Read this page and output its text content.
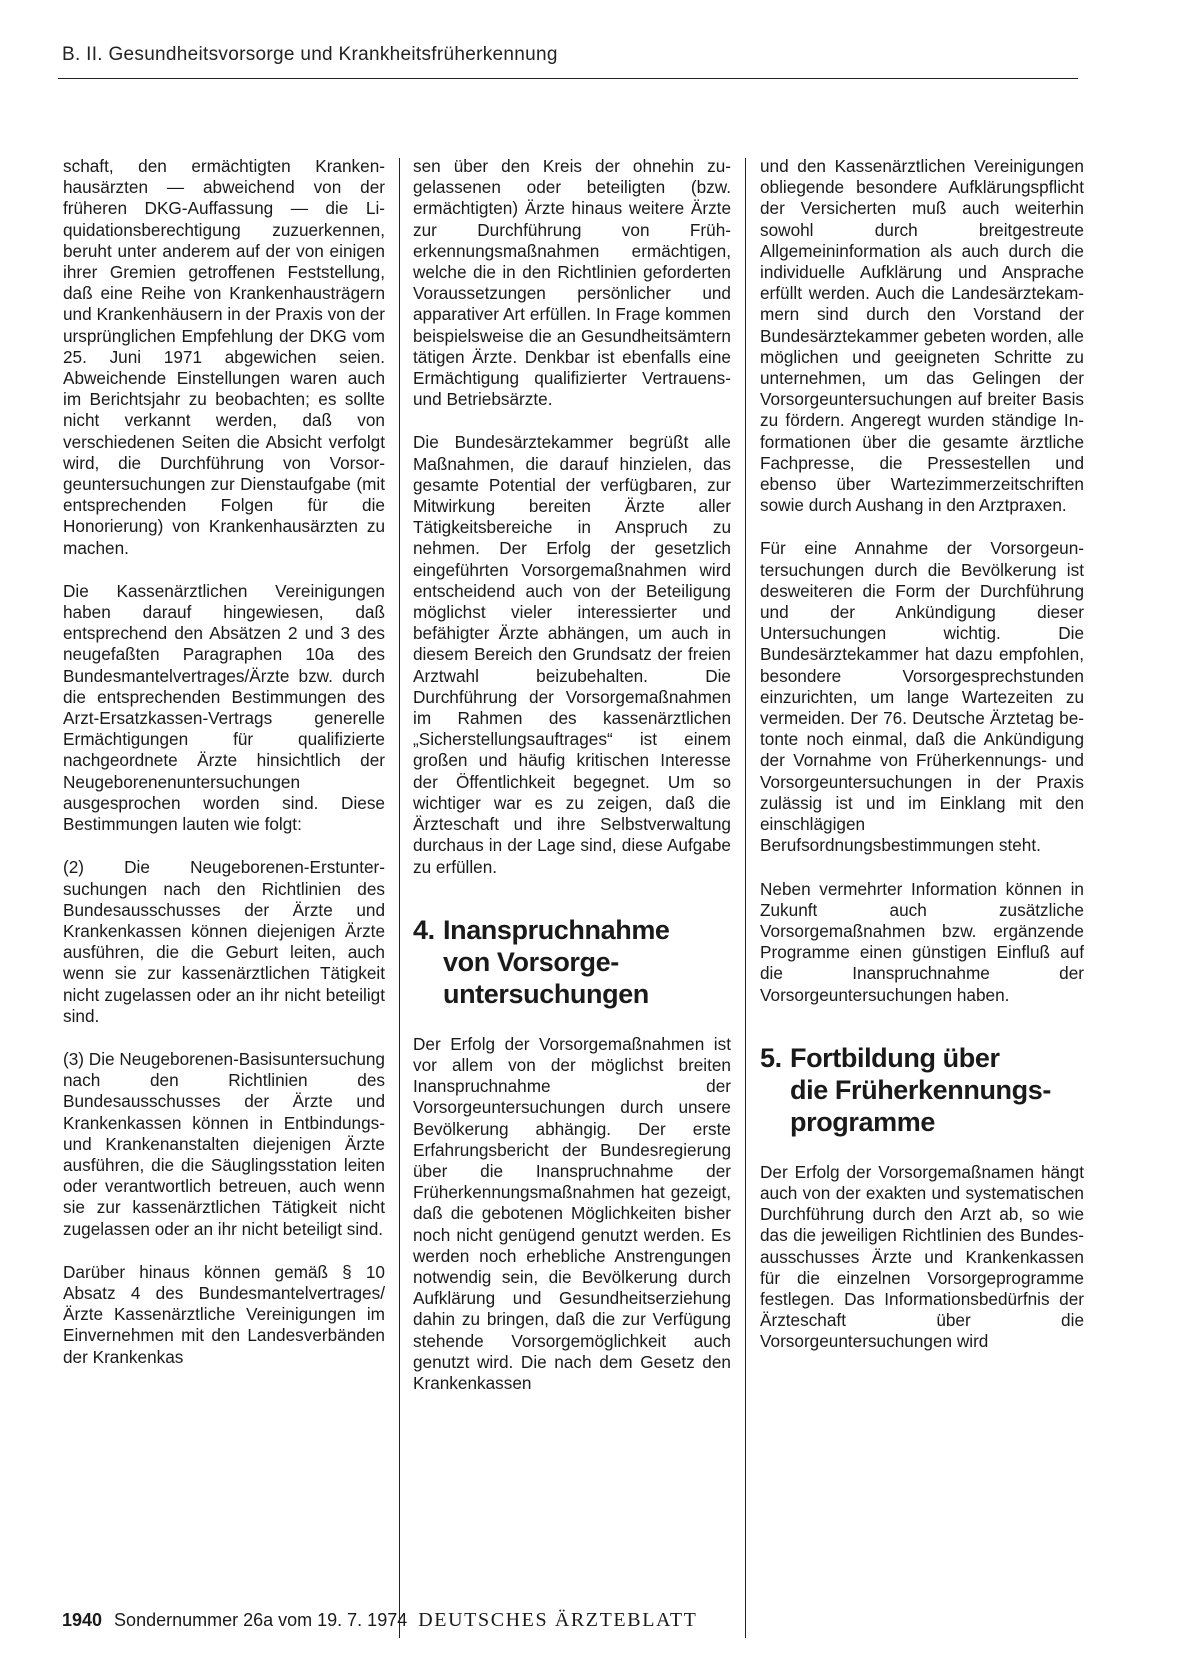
B. II. Gesundheitsvorsorge und Krankheitsfrüherkennung

schaft, den ermächtigten Krankenhausärzten — abweichend von der früheren DKG-Auffassung — die Liquidationsberechtigung zuzuerkennen, beruht unter anderem auf der von einigen ihrer Gremien getroffenen Feststellung, daß eine Reihe von Krankenhausträgern und Krankenhäusern in der Praxis von der ursprünglichen Empfehlung der DKG vom 25. Juni 1971 abgewichen seien. Abweichende Einstellungen waren auch im Berichtsjahr zu beobachten; es sollte nicht verkannt werden, daß von verschiedenen Seiten die Absicht verfolgt wird, die Durchführung von Vorsorgeuntersuchungen zur Dienstaufgabe (mit entsprechenden Folgen für die Honorierung) von Krankenhausärzten zu machen.

Die Kassenärztlichen Vereinigungen haben darauf hingewiesen, daß entsprechend den Absätzen 2 und 3 des neugefaßten Paragraphen 10a des Bundesmantelvertrages/Ärzte bzw. durch die entsprechenden Bestimmungen des Arzt-Ersatzkassen-Vertrags generelle Ermächtigungen für qualifizierte nachgeordnete Ärzte hinsichtlich der Neugeborenenuntersuchungen ausgesprochen worden sind. Diese Bestimmungen lauten wie folgt:

(2) Die Neugeborenen-Erstuntersuchungen nach den Richtlinien des Bundesausschusses der Ärzte und Krankenkassen können diejenigen Ärzte ausführen, die die Geburt leiten, auch wenn sie zur kassenärztlichen Tätigkeit nicht zugelassen oder an ihr nicht beteiligt sind.

(3) Die Neugeborenen-Basisuntersuchung nach den Richtlinien des Bundesausschusses der Ärzte und Krankenkassen können in Entbindungs- und Krankenanstalten diejenigen Ärzte ausführen, die die Säuglingsstation leiten oder verantwortlich betreuen, auch wenn sie zur kassenärztlichen Tätigkeit nicht zugelassen oder an ihr nicht beteiligt sind.

Darüber hinaus können gemäß § 10 Absatz 4 des Bundesmantelvertrages/Ärzte Kassenärztliche Vereinigungen im Einvernehmen mit den Landesverbänden der Krankenkas

sen über den Kreis der ohnehin zugelassenen oder beteiligten (bzw. ermächtigten) Ärzte hinaus weitere Ärzte zur Durchführung von Früherkennungsmaßnahmen ermächtigen, welche die in den Richtlinien geforderten Voraussetzungen persönlicher und apparativer Art erfüllen. In Frage kommen beispielsweise die an Gesundheitsämtern tätigen Ärzte. Denkbar ist ebenfalls eine Ermächtigung qualifizierter Vertrauens- und Betriebsärzte.

Die Bundesärztekammer begrüßt alle Maßnahmen, die darauf hinzielen, das gesamte Potential der verfügbaren, zur Mitwirkung bereiten Ärzte aller Tätigkeitsbereiche in Anspruch zu nehmen. Der Erfolg der gesetzlich eingeführten Vorsorgemaßnahmen wird entscheidend auch von der Beteiligung möglichst vieler interessierter und befähigter Ärzte abhängen, um auch in diesem Bereich den Grundsatz der freien Arztwahl beizubehalten. Die Durchführung der Vorsorgemaßnahmen im Rahmen des kassenärztlichen „Sicherstellungsauftrages“ ist einem großen und häufig kritischen Interesse der Öffentlichkeit begegnet. Um so wichtiger war es zu zeigen, daß die Ärzteschaft und ihre Selbstverwaltung durchaus in der Lage sind, diese Aufgabe zu erfüllen.

4. Inanspruchnahme
von Vorsorge-
untersuchungen

Der Erfolg der Vorsorgemaßnahmen ist vor allem von der möglichst breiten Inanspruchnahme der Vorsorgeuntersuchungen durch unsere Bevölkerung abhängig. Der erste Erfahrungsbericht der Bundesregierung über die Inanspruchnahme der Früherkennungsmaßnahmen hat gezeigt, daß die gebotenen Möglichkeiten bisher noch nicht genügend genutzt werden. Es werden noch erhebliche Anstrengungen notwendig sein, die Bevölkerung durch Aufklärung und Gesundheitserziehung dahin zu bringen, daß die zur Verfügung stehende Vorsorgemöglichkeit auch genutzt wird. Die nach dem Gesetz den Krankenkassen

und den Kassenärztlichen Vereinigungen obliegende besondere Aufklärungspflicht der Versicherten muß auch weiterhin sowohl durch breitgestreute Allgemeininformation als auch durch die individuelle Aufklärung und Ansprache erfüllt werden. Auch die Landesärztekammern sind durch den Vorstand der Bundesärztekammer gebeten worden, alle möglichen und geeigneten Schritte zu unternehmen, um das Gelingen der Vorsorgeuntersuchungen auf breiter Basis zu fördern. Angeregt wurden ständige Informationen über die gesamte ärztliche Fachpresse, die Pressestellen und ebenso über Wartezimmerzeitschriften sowie durch Aushang in den Arztpraxen.

Für eine Annahme der Vorsorgeuntersuchungen durch die Bevölkerung ist desweiteren die Form der Durchführung und der Ankündigung dieser Untersuchungen wichtig. Die Bundesärztekammer hat dazu empfohlen, besondere Vorsorgesprechstunden einzurichten, um lange Wartezeiten zu vermeiden. Der 76. Deutsche Ärztetag betonte noch einmal, daß die Ankündigung der Vornahme von Früherkennungs- und Vorsorgeuntersuchungen in der Praxis zulässig ist und im Einklang mit den einschlägigen Berufsordnungsbestimmungen steht.

Neben vermehrter Information können in Zukunft auch zusätzliche Vorsorgemaßnahmen bzw. ergänzende Programme einen günstigen Einfluß auf die Inanspruchnahme der Vorsorgeuntersuchungen haben.

5. Fortbildung über
die Früherkennungs-
programme

Der Erfolg der Vorsorgemaßnamen hängt auch von der exakten und systematischen Durchführung durch den Arzt ab, so wie das die jeweiligen Richtlinien des Bundesausschusses Ärzte und Krankenkassen für die einzelnen Vorsorgeprogramme festlegen. Das Informationsbedürfnis der Ärzteschaft über die Vorsorgeuntersuchungen wird

1940 Sondernummer 26a vom 19. 7. 1974 DEUTSCHES ÄRZTEBLATT
